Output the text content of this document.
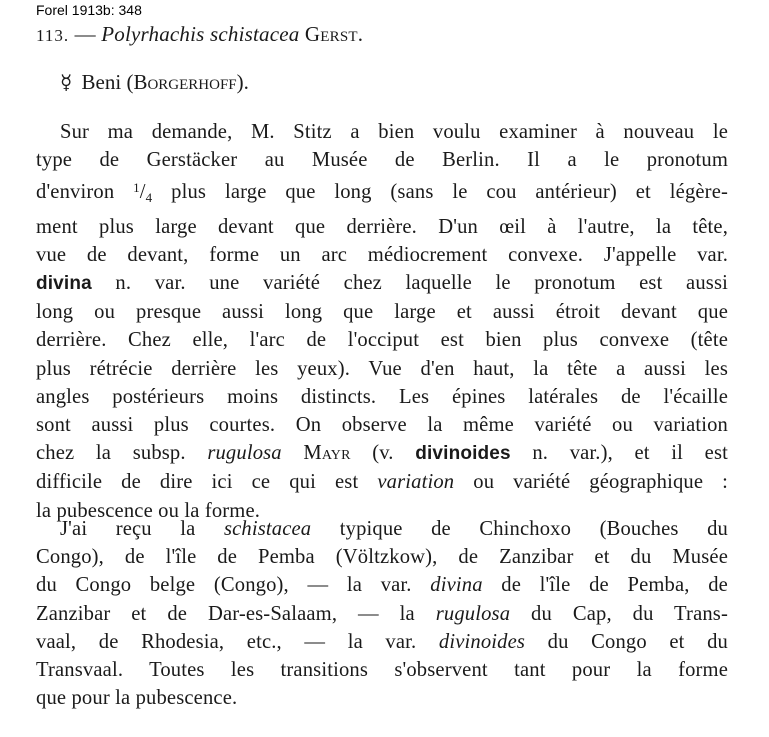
Forel 1913b: 348
113. — Polyrhachis schistacea Gerst.
☿ Beni (Borgerhoff).
Sur ma demande, M. Stitz a bien voulu examiner à nouveau le
type de Gerstäcker au Musée de Berlin. Il a le pronotum
d'environ $^1/_4$ plus large que long (sans le cou antérieur) et légère-
ment plus large devant que derrière. D'un œil à l'autre, la tête,
vue de devant, forme un arc médiocrement convexe. J'appelle var.
divina n. var. une variété chez laquelle le pronotum est aussi
long ou presque aussi long que large et aussi étroit devant que
derrière. Chez elle, l'arc de l'occiput est bien plus convexe (tête
plus rétrécie derrière les yeux). Vue d'en haut, la tête a aussi les
angles postérieurs moins distincts. Les épines latérales de l'écaille
sont aussi plus courtes. On observe la même variété ou variation
chez la subsp. rugulosa Mayr (v. divinoides n. var.), et il est
difficile de dire ici ce qui est variation ou variété géographique :
la pubescence ou la forme.
J'ai reçu la schistacea typique de Chinchoxo (Bouches du
Congo), de l'île de Pemba (Völtzkow), de Zanzibar et du Musée
du Congo belge (Congo), — la var. divina de l'île de Pemba, de
Zanzibar et de Dar-es-Salaam, — la rugulosa du Cap, du Trans-
vaal, de Rhodesia, etc., — la var. divinoides du Congo et du
Transvaal. Toutes les transitions s'observent tant pour la forme
que pour la pubescence.
